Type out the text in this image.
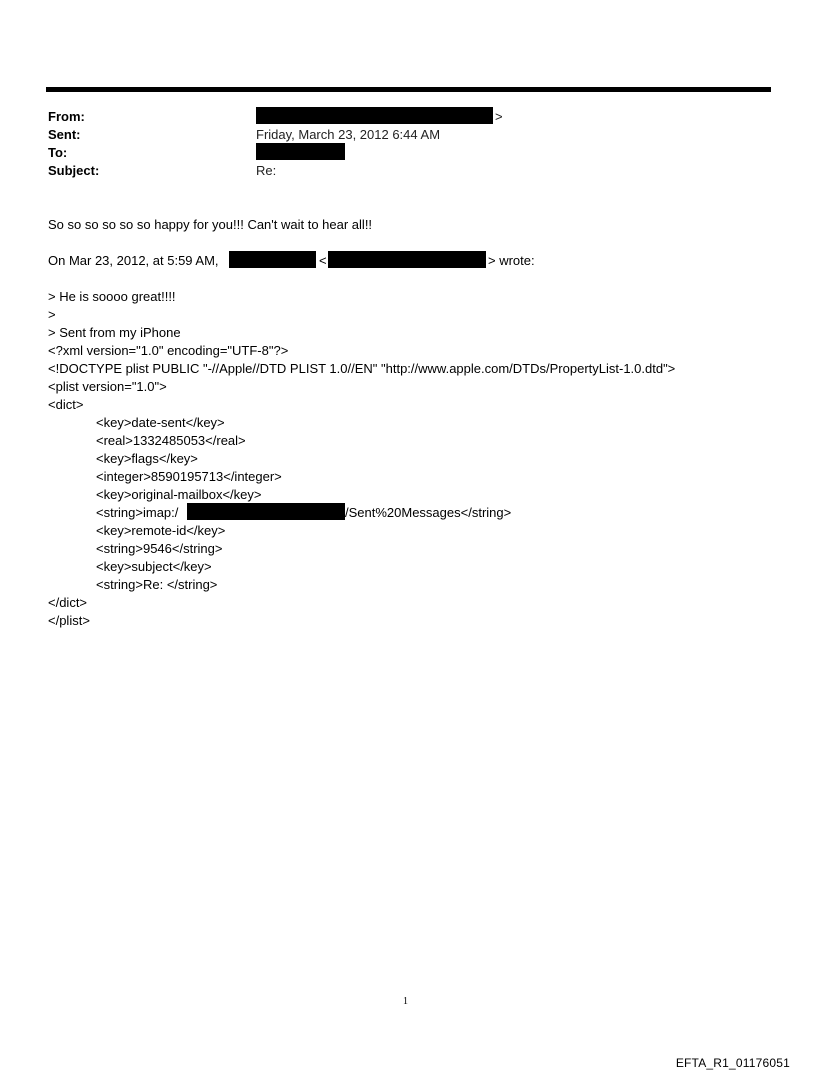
From:	>
Sent:	Friday, March 23, 2012 6:44 AM
To:
Subject:	Re:
So so so so so so happy for you!!! Can't wait to hear all!!
On Mar 23, 2012, at 5:59 AM,	<	> wrote:
> He is soooo great!!!!
>
> Sent from my iPhone
<?xml version="1.0" encoding="UTF-8"?>
<!DOCTYPE plist PUBLIC "-//Apple//DTD PLIST 1.0//EN" "http://www.apple.com/DTDs/PropertyList-1.0.dtd">
<plist version="1.0">
<dict>
<key>date-sent</key>
<real>1332485053</real>
<key>flags</key>
<integer>8590195713</integer>
<key>original-mailbox</key>
<string>imap:/	/Sent%20Messages</string>
<key>remote-id</key>
<string>9546</string>
<key>subject</key>
<string>Re: </string>
</dict>
</plist>
1
EFTA_R1_01176051
